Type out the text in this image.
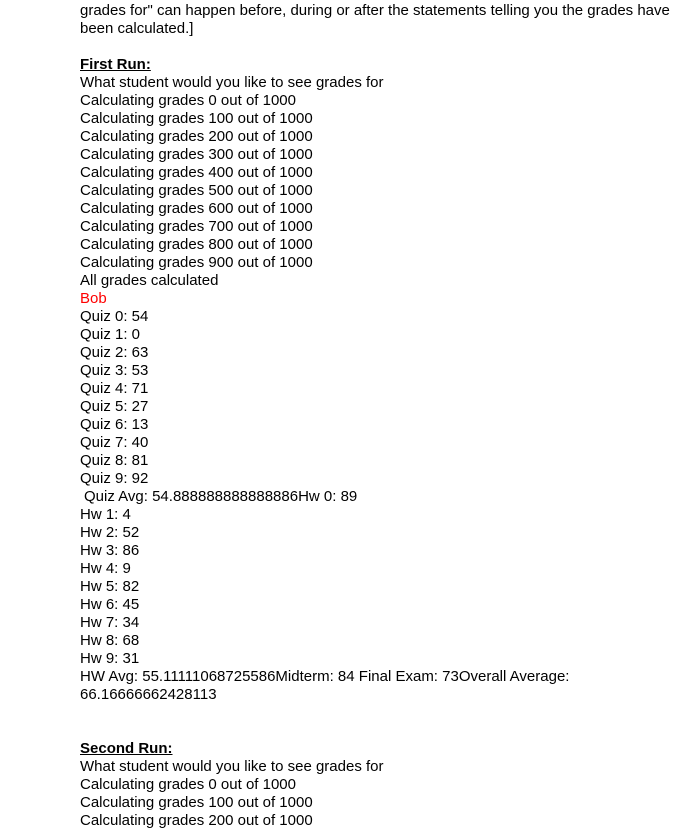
grades for" can happen before, during or after the statements telling you the grades have been calculated.]
First Run:
What student would you like to see grades for
Calculating grades 0 out of 1000
Calculating grades 100 out of 1000
Calculating grades 200 out of 1000
Calculating grades 300 out of 1000
Calculating grades 400 out of 1000
Calculating grades 500 out of 1000
Calculating grades 600 out of 1000
Calculating grades 700 out of 1000
Calculating grades 800 out of 1000
Calculating grades 900 out of 1000
All grades calculated
Bob
Quiz 0: 54
Quiz 1: 0
Quiz 2: 63
Quiz 3: 53
Quiz 4: 71
Quiz 5: 27
Quiz 6: 13
Quiz 7: 40
Quiz 8: 81
Quiz 9: 92
Quiz Avg: 54.888888888888886Hw 0: 89
Hw 1: 4
Hw 2: 52
Hw 3: 86
Hw 4: 9
Hw 5: 82
Hw 6: 45
Hw 7: 34
Hw 8: 68
Hw 9: 31
HW Avg: 55.11111068725586Midterm: 84 Final Exam: 73Overall Average: 66.16666662428113
Second Run:
What student would you like to see grades for
Calculating grades 0 out of 1000
Calculating grades 100 out of 1000
Calculating grades 200 out of 1000
